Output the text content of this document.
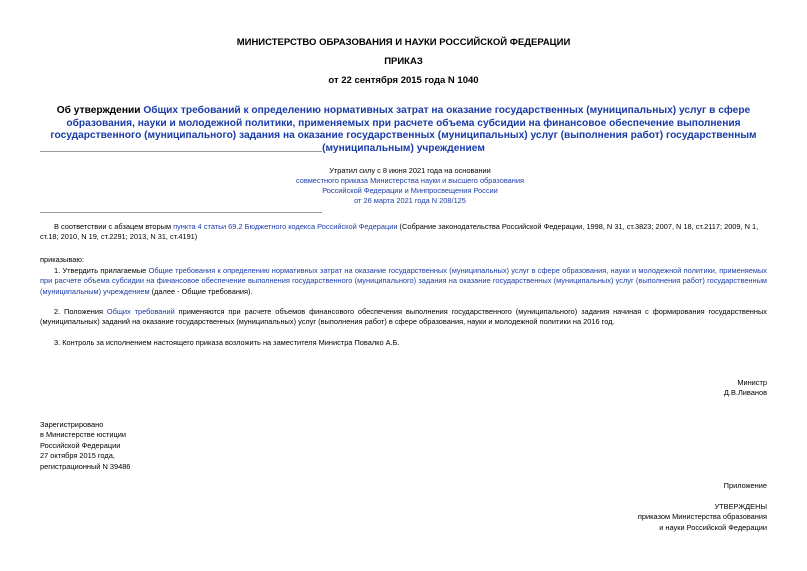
МИНИСТЕРСТВО ОБРАЗОВАНИЯ И НАУКИ РОССИЙСКОЙ ФЕДЕРАЦИИ
ПРИКАЗ
от 22 сентября 2015 года N 1040
Об утверждении Общих требований к определению нормативных затрат на оказание государственных (муниципальных) услуг в сфере образования, науки и молодежной политики, применяемых при расчете объема субсидии на финансовое обеспечение выполнения государственного (муниципального) задания на оказание государственных (муниципальных) услуг (выполнения работ) государственным (муниципальным) учреждением
Утратил силу с 8 июня 2021 года на основании
совместного приказа Министерства науки и высшего образования
Российской Федерации и Минпросвещения России
от 26 марта 2021 года N 208/125
В соответствии с абзацем вторым пункта 4 статьи 69.2 Бюджетного кодекса Российской Федерации (Собрание законодательства Российской Федерации, 1998, N 31, ст.3823; 2007, N 18, ст.2117; 2009, N 1, ст.18; 2010, N 19, ст.2291; 2013, N 31, ст.4191)
приказываю:
1. Утвердить прилагаемые Общие требования к определению нормативных затрат на оказание государственных (муниципальных) услуг в сфере образования, науки и молодежной политики, применяемых при расчете объема субсидии на финансовое обеспечение выполнения государственного (муниципального) задания на оказание государственных (муниципальных) услуг (выполнения работ) государственным (муниципальным) учреждением (далее - Общие требования).
2. Положения Общих требований применяются при расчете объемов финансового обеспечения выполнения государственного (муниципального) задания начиная с формирования государственных (муниципальных) заданий на оказание государственных (муниципальных) услуг (выполнения работ) в сфере образования, науки и молодежной политики на 2016 год.
3. Контроль за исполнением настоящего приказа возложить на заместителя Министра Повалко А.Б.
Министр
Д.В.Ливанов
Зарегистрировано
в Министерстве юстиции
Российской Федерации
27 октября 2015 года,
регистрационный N 39486
Приложение
УТВЕРЖДЕНЫ
приказом Министерства образования
и науки Российской Федерации
